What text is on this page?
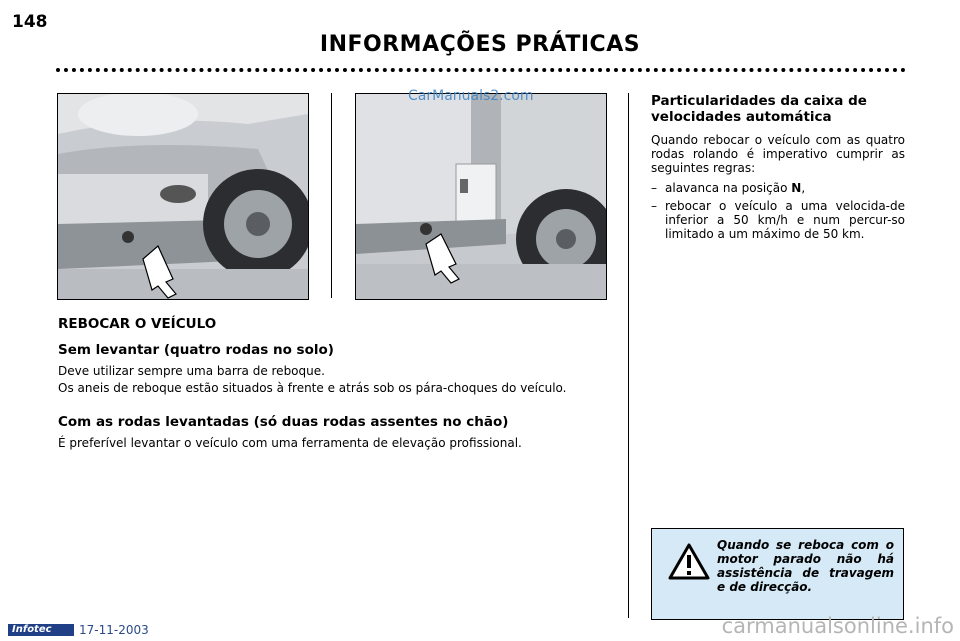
148
INFORMAÇÕES PRÁTICAS
CarManuals2.com
REBOCAR O VEÍCULO
Sem levantar (quatro rodas no solo)
Deve utilizar sempre uma barra de reboque.
Os aneis de reboque estão situados à frente e atrás sob os pára-choques do veículo.
Com as rodas levantadas (só duas rodas assentes no chão)
É preferível levantar o veículo com uma ferramenta de elevação profissional.
Particularidades da caixa de velocidades automática
Quando rebocar o veículo com as quatro rodas rolando é imperativo cumprir as seguintes regras:
– alavanca na posição N,
– rebocar o veículo a uma velocida-de inferior a 50 km/h e num percur-so limitado a um máximo de 50 km.
Quando se reboca com o motor parado não há assistência de travagem e de direcção.
Infotec	17-11-2003	carmanualsonline.info
